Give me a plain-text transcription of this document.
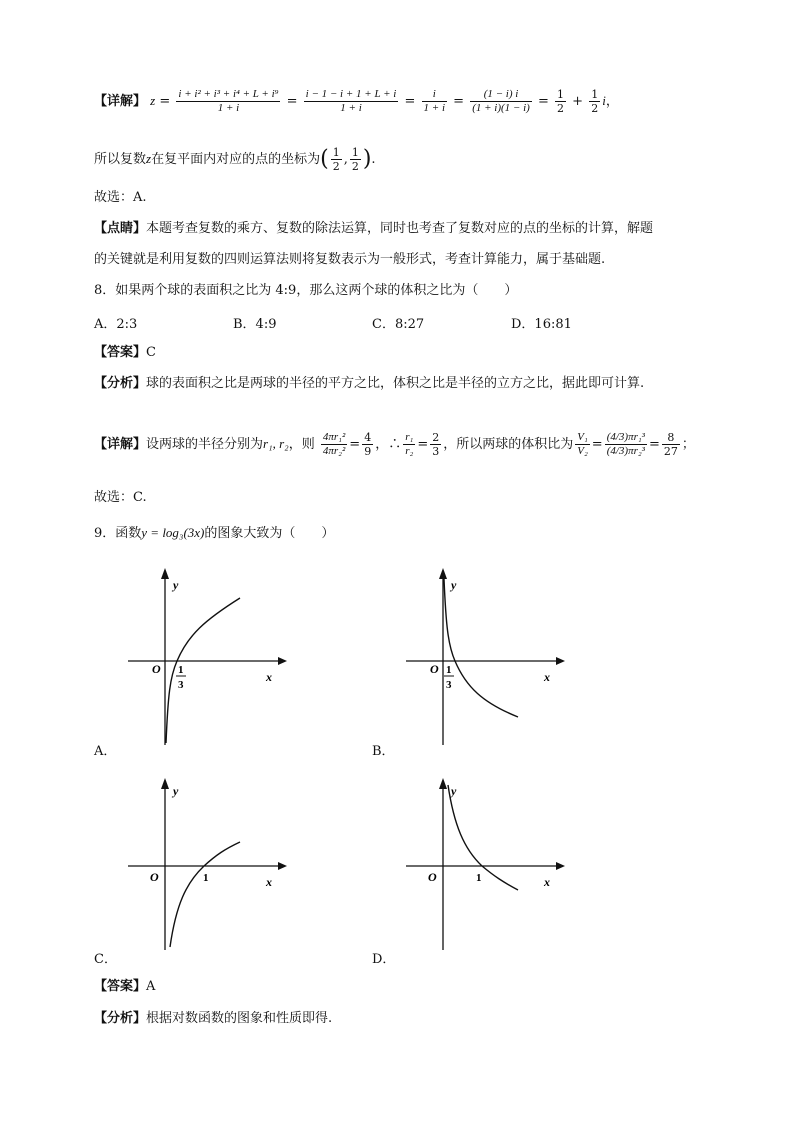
【详解】 $z = \frac{\text{i + i² + i³ + i⁴ + L + i⁹}}{1 + i} = \frac{i - 1 - i + 1 + L + i}{1 + i} = \frac{i}{1 + i} = \frac{(1 - i) i}{(1 + i)(1 - i)} = \frac{1}{2} + \frac{1}{2}$ i，
所以复数z在复平面内对应的点的坐标为( $\frac{1}{2}$ , $\frac{1}{2}$ ).
故选：A.
【点睛】本题考查复数的乘方、复数的除法运算，同时也考查了复数对应的点的坐标的计算，解题
的关键就是利用复数的四则运算法则将复数表示为一般形式，考查计算能力，属于基础题.
8．如果两个球的表面积之比为 4:9，那么这两个球的体积之比为（　　）
A．2:3	B．4:9	C．8:27	D．16:81
【答案】C
【分析】球的表面积之比是两球的半径的平方之比，体积之比是半径的立方之比，据此即可计算.
【详解】设两球的半径分别为r₁, r₂，则 $\frac{\text{4πr₁²}}{\text{4πr₂²}} = \frac{4}{9}$ ，∴ $\frac{\text{r₁}}{\text{r₂}} = \frac{2}{3}$ ，所以两球的体积比为 $\frac{\text{V₁}}{\text{V₂}} = \frac{\text{(4/3)πr₁³}}{\text{(4/3)πr₂³}} = \frac{8}{27}$ ；
故选：C.
9．函数y = log₃(3x)的图象大致为（　　）
y
x
O 1
3
A．
y
x
O 1
3
B．
y
x
O	1
C．
y
x
O	1
D．
【答案】A
【分析】根据对数函数的图象和性质即得.
